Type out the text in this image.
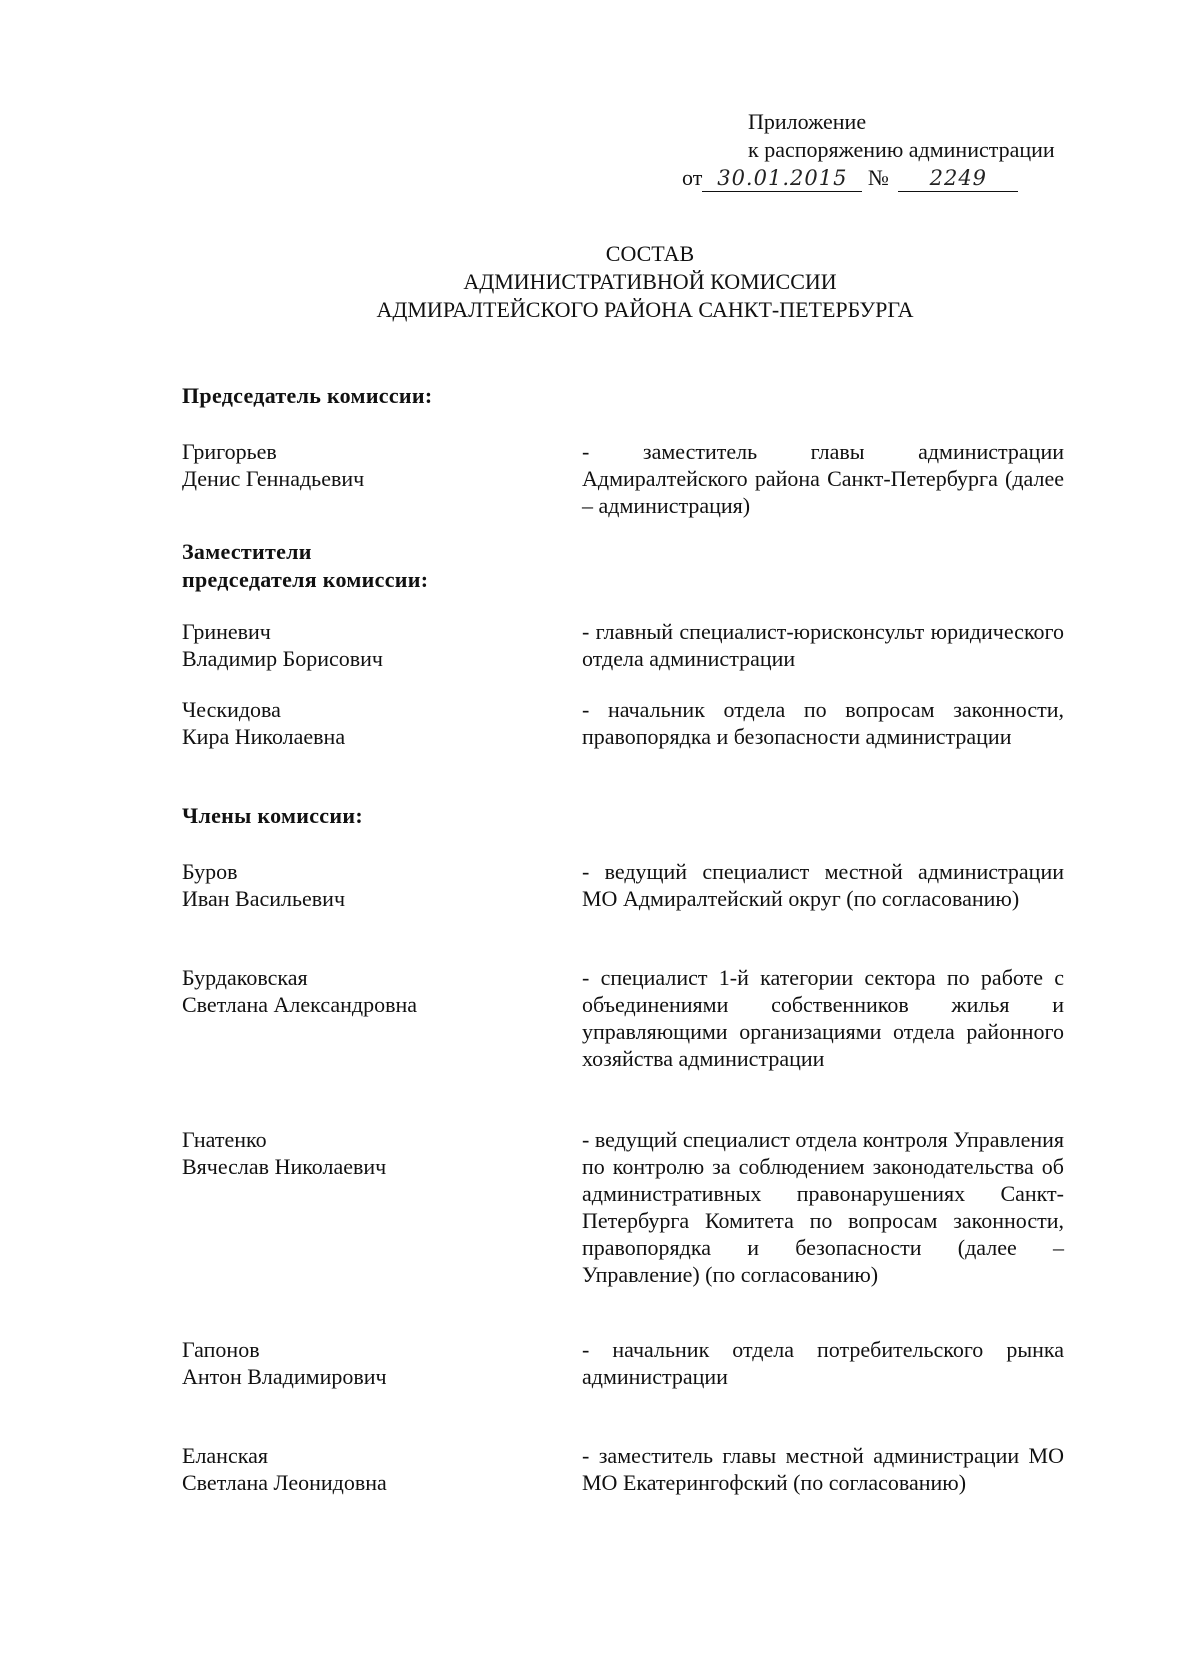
Приложение
к распоряжению администрации
от 30.01.2015 № 2249
СОСТАВ
АДМИНИСТРАТИВНОЙ КОМИССИИ
АДМИРАЛТЕЙСКОГО РАЙОНА САНКТ-ПЕТЕРБУРГА
Председатель комиссии:
Григорьев
Денис Геннадьевич
- заместитель главы администрации Адмиралтейского района Санкт-Петербурга (далее – администрация)
Заместители
председателя комиссии:
Гриневич
Владимир Борисович
- главный специалист-юрисконсульт юридического отдела администрации
Ческидова
Кира Николаевна
- начальник отдела по вопросам законности, правопорядка и безопасности администрации
Члены комиссии:
Буров
Иван Васильевич
- ведущий специалист местной администрации МО Адмиралтейский округ (по согласованию)
Бурдаковская
Светлана Александровна
- специалист 1-й категории сектора по работе с объединениями собственников жилья и управляющими организациями отдела районного хозяйства администрации
Гнатенко
Вячеслав Николаевич
- ведущий специалист отдела контроля Управления по контролю за соблюдением законодательства об административных правонарушениях Санкт-Петербурга Комитета по вопросам законности, правопорядка и безопасности (далее – Управление) (по согласованию)
Гапонов
Антон Владимирович
- начальник отдела потребительского рынка администрации
Еланская
Светлана Леонидовна
- заместитель главы местной администрации МО МО Екатерингофский (по согласованию)
